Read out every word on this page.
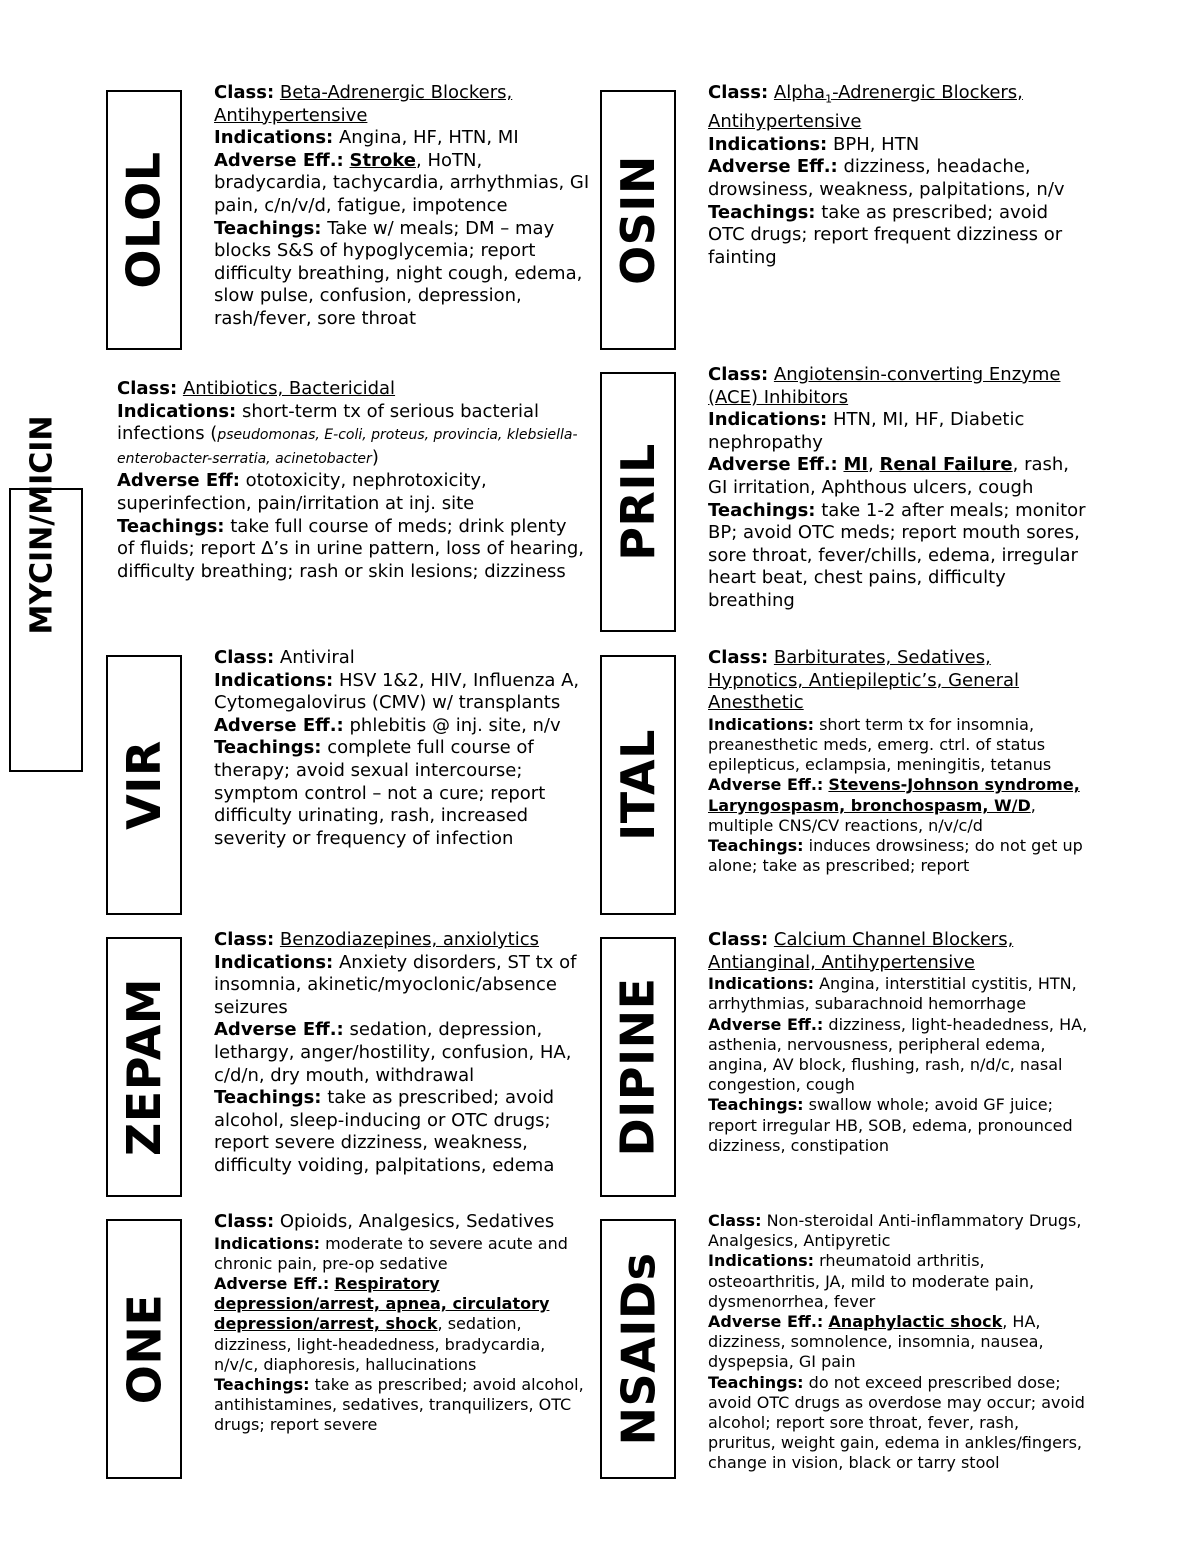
OLOL

Class: Beta-Adrenergic Blockers, Antihypertensive

Indications: Angina, HF, HTN, MI

Adverse Eff.: Stroke, HoTN, bradycardia, tachycardia, arrhythmias, GI pain, c/n/v/d, fatigue, impotence

Teachings: Take w/ meals; DM – may blocks S&S of hypoglycemia; report difficulty breathing, night cough, edema, slow pulse, confusion, depression, rash/fever, sore throat

OSIN

Class: Alpha$_1$-Adrenergic Blockers, Antihypertensive

Indications: BPH, HTN

Adverse Eff.: dizziness, headache, drowsiness, weakness, palpitations, n/v

Teachings: take as prescribed; avoid OTC drugs; report frequent dizziness or fainting

MYCIN/MICIN

Class: Antibiotics, Bactericidal

Indications: short-term tx of serious bacterial infections (pseudomonas, E-coli, proteus, provincia, klebsiella-enterobacter-serratia, acinetobacter)

Adverse Eff: ototoxicity, nephrotoxicity, superinfection, pain/irritation at inj. site

Teachings: take full course of meds; drink plenty of fluids; report Δ’s in urine pattern, loss of hearing, difficulty breathing; rash or skin lesions; dizziness

PRIL

Class: Angiotensin-converting Enzyme (ACE) Inhibitors

Indications: HTN, MI, HF, Diabetic nephropathy

Adverse Eff.: MI, Renal Failure, rash, GI irritation, Aphthous ulcers, cough

Teachings: take 1-2 after meals; monitor BP; avoid OTC meds; report mouth sores, sore throat, fever/chills, edema, irregular heart beat, chest pains, difficulty breathing

VIR

Class: Antiviral

Indications: HSV 1&2, HIV, Influenza A, Cytomegalovirus (CMV) w/ transplants

Adverse Eff.: phlebitis @ inj. site, n/v

Teachings: complete full course of therapy; avoid sexual intercourse; symptom control – not a cure; report difficulty urinating, rash, increased severity or frequency of infection	ITAL

Class: Barbiturates, Sedatives, Hypnotics, Antiepileptic’s, General Anesthetic

Indications: short term tx for insomnia, preanesthetic meds, emerg. ctrl. of status epilepticus, eclampsia, meningitis, tetanus

Adverse Eff.: Stevens-Johnson syndrome, Laryngospasm, bronchospasm, W/D, multiple CNS/CV reactions, n/v/c/d

Teachings: induces drowsiness; do not get up alone; take as prescribed; report

ZEPAM

Class: Benzodiazepines, anxiolytics

Indications: Anxiety disorders, ST tx of insomnia, akinetic/myoclonic/absence seizures

Adverse Eff.: sedation, depression, lethargy, anger/hostility, confusion, HA, c/d/n, dry mouth, withdrawal

Teachings: take as prescribed; avoid alcohol, sleep-inducing or OTC drugs; report severe dizziness, weakness, difficulty voiding, palpitations, edema

DIPINE

Class: Calcium Channel Blockers, Antianginal, Antihypertensive

Indications: Angina, interstitial cystitis, HTN, arrhythmias, subarachnoid hemorrhage

Adverse Eff.: dizziness, light-headedness, HA, asthenia, nervousness, peripheral edema, angina, AV block, flushing, rash, n/d/c, nasal congestion, cough

Teachings: swallow whole; avoid GF juice; report irregular HB, SOB, edema, pronounced dizziness, constipation

ONE

Class: Opioids, Analgesics, Sedatives

Indications: moderate to severe acute and chronic pain, pre-op sedative

Adverse Eff.: Respiratory depression/arrest, apnea, circulatory depression/arrest, shock, sedation, dizziness, light-headedness, bradycardia, n/v/c, diaphoresis, hallucinations

Teachings: take as prescribed; avoid alcohol, antihistamines, sedatives, tranquilizers, OTC drugs; report severe	NSAIDs

Class: Non-steroidal Anti-inflammatory Drugs, Analgesics, Antipyretic

Indications: rheumatoid arthritis, osteoarthritis, JA, mild to moderate pain, dysmenorrhea, fever

Adverse Eff.: Anaphylactic shock, HA, dizziness, somnolence, insomnia, nausea, dyspepsia, GI pain

Teachings: do not exceed prescribed dose; avoid OTC drugs as overdose may occur; avoid alcohol; report sore throat, fever, rash, pruritus, weight gain, edema in ankles/fingers, change in vision, black or tarry stool
